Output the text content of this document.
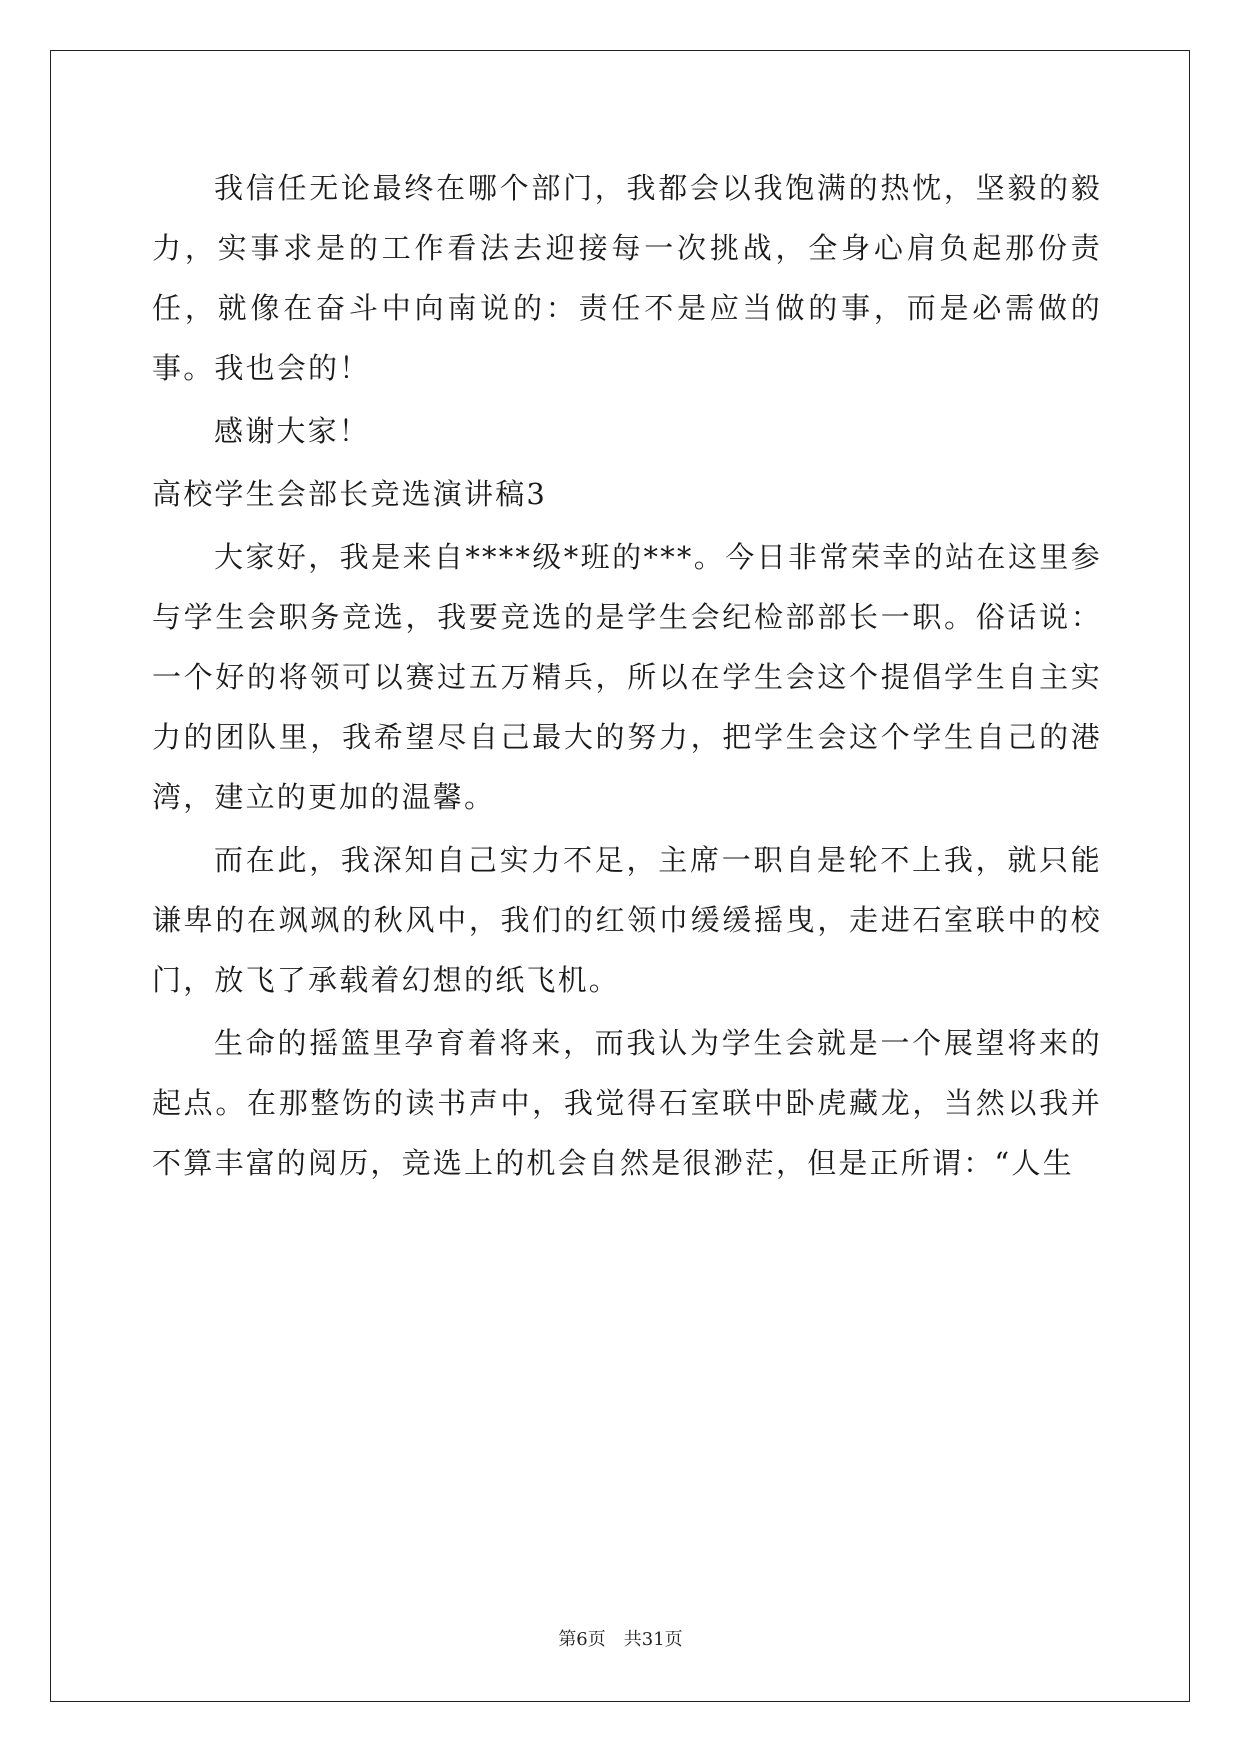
我信任无论最终在哪个部门，我都会以我饱满的热忱，坚毅的毅力，实事求是的工作看法去迎接每一次挑战，全身心肩负起那份责任，就像在奋斗中向南说的：责任不是应当做的事，而是必需做的事。我也会的！

感谢大家！

高校学生会部长竞选演讲稿3

大家好，我是来自****级*班的***。今日非常荣幸的站在这里参与学生会职务竞选，我要竞选的是学生会纪检部部长一职。俗话说：一个好的将领可以赛过五万精兵，所以在学生会这个提倡学生自主实力的团队里，我希望尽自己最大的努力，把学生会这个学生自己的港湾，建立的更加的温馨。

而在此，我深知自己实力不足，主席一职自是轮不上我，就只能谦卑的在飒飒的秋风中，我们的红领巾缓缓摇曳，走进石室联中的校门，放飞了承载着幻想的纸飞机。

生命的摇篮里孕育着将来，而我认为学生会就是一个展望将来的起点。在那整饬的读书声中，我觉得石室联中卧虎藏龙，当然以我并不算丰富的阅历，竞选上的机会自然是很渺茫，但是正所谓：“人生

第6页　共31页
